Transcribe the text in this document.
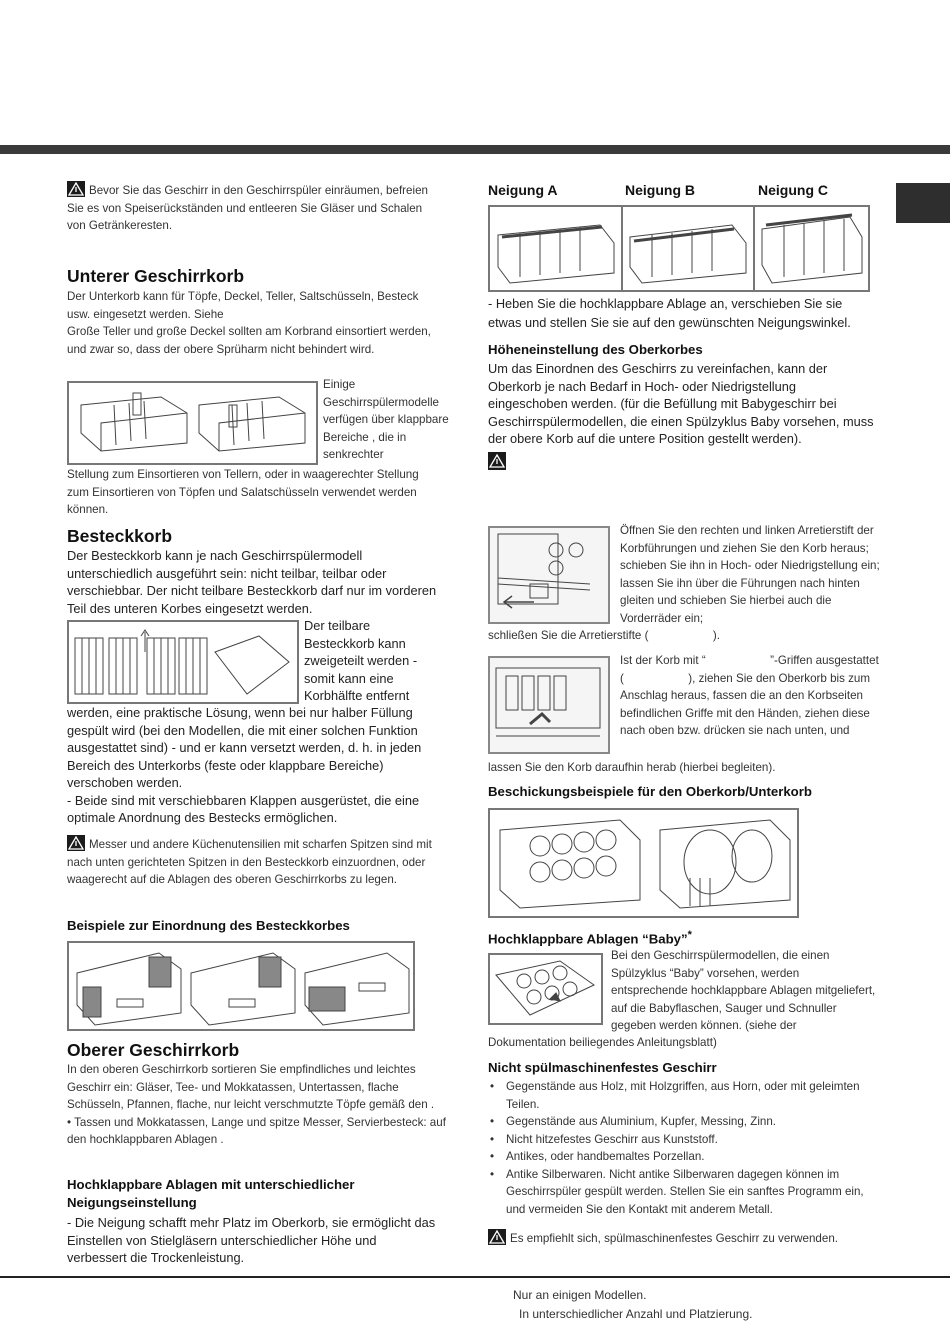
Bevor Sie das Geschirr in den Geschirrspüler einräumen, befreien Sie es von Speiserückständen und entleeren Sie Gläser und Schalen von Getränkeresten.
Unterer Geschirrkorb

Der Unterkorb kann für Töpfe, Deckel, Teller, Saltschüsseln, Besteck usw. eingesetzt werden. Siehe

Große Teller und große Deckel sollten am Korbrand einsortiert werden, und zwar so, dass der obere Sprüharm nicht behindert wird.

Einige Geschirrspülermodelle verfügen über klappbare Bereiche , die in senkrechter
Stellung zum Einsortieren von Tellern, oder in waagerechter Stellung zum Einsortieren von Töpfen und Salatschüsseln verwendet werden können.
Besteckkorb
Der Besteckkorb kann je nach Geschirrspülermodell unterschiedlich ausgeführt sein: nicht teilbar, teilbar oder verschiebbar. Der nicht teilbare Besteckkorb darf nur im vorderen Teil des unteren Korbes eingesetzt werden.
Der teilbare Besteckkorb kann zweigeteilt werden - somit kann eine Korbhälfte entfernt

werden, eine praktische Lösung, wenn bei nur halber Füllung gespült wird (bei den Modellen, die mit einer solchen Funktion ausgestattet sind) - und er kann versetzt werden, d. h. in jeden Bereich des Unterkorbs (feste oder klappbare Bereiche) verschoben werden.

- Beide sind mit verschiebbaren Klappen ausgerüstet, die eine optimale Anordnung des Bestecks ermöglichen.

Messer und andere Küchenutensilien mit scharfen Spitzen sind mit nach unten gerichteten Spitzen in den Besteckkorb einzuordnen, oder waagerecht auf die Ablagen des oberen Geschirrkorbs zu legen.
Beispiele zur Einordnung des Besteckkorbes
Oberer Geschirrkorb

In den oberen Geschirrkorb sortieren Sie empfindliches und leichtes Geschirr ein: Gläser, Tee- und Mokkatassen, Untertassen, flache Schüsseln, Pfannen, flache, nur leicht verschmutzte Töpfe gemäß den .

• Tassen und Mokkatassen, Lange und spitze Messer, Servierbesteck: auf den hochklappbaren Ablagen .

Hochklappbare Ablagen mit unterschiedlicher Neigungseinstellung
- Die Neigung schafft mehr Platz im Oberkorb, sie ermöglicht das Einstellen von Stielgläsern unterschiedlicher Höhe und verbessert die Trockenleistung.
Neigung A	Neigung B	Neigung C
- Heben Sie die hochklappbare Ablage an, verschieben Sie sie etwas und stellen Sie sie auf den gewünschten Neigungswinkel.
Höheneinstellung des Oberkorbes
Um das Einordnen des Geschirrs zu vereinfachen, kann der Oberkorb je nach Bedarf in Hoch- oder Niedrigstellung eingeschoben werden. (für die Befüllung mit Babygeschirr bei Geschirrspülermodellen, die einen Spülzyklus Baby vorsehen, muss der obere Korb auf die untere Position gestellt werden).
Öffnen Sie den rechten und linken Arretierstift der Korbführungen und ziehen Sie den Korb heraus; schieben Sie ihn in Hoch- oder Niedrigstellung ein; lassen Sie ihn über die Führungen nach hinten gleiten und schieben Sie hierbei auch die Vorderräder ein;
schließen Sie die Arretierstifte (                    ).
Ist der Korb mit “                    ”-Griffen ausgestattet (                    ), ziehen Sie den Oberkorb bis zum Anschlag heraus, fassen die an den Korbseiten befindlichen Griffe mit den Händen, ziehen diese nach oben bzw. drücken sie nach unten, und
lassen Sie den Korb daraufhin herab (hierbei begleiten).
Beschickungsbeispiele für den Oberkorb/Unterkorb
Hochklappbare Ablagen “Baby”*
Bei den Geschirrspülermodellen, die einen Spülzyklus “Baby” vorsehen, werden entsprechende hochklappbare Ablagen mitgeliefert, auf die Babyflaschen, Sauger und Schnuller gegeben werden können. (siehe der
Dokumentation beiliegendes Anleitungsblatt)
Nicht spülmaschinenfestes Geschirr
• Gegenstände aus Holz, mit Holzgriffen, aus Horn, oder mit geleimten Teilen.
• Gegenstände aus Aluminium, Kupfer, Messing, Zinn.
• Nicht hitzefestes Geschirr aus Kunststoff.
• Antikes, oder handbemaltes Porzellan.
• Antike Silberwaren. Nicht antike Silberwaren dagegen können im Geschirrspüler gespült werden. Stellen Sie ein sanftes Programm ein, und vermeiden Sie den Kontakt mit anderem Metall.
Es empfiehlt sich, spülmaschinenfestes Geschirr zu verwenden.
Nur an einigen Modellen.
In unterschiedlicher Anzahl und Platzierung.
